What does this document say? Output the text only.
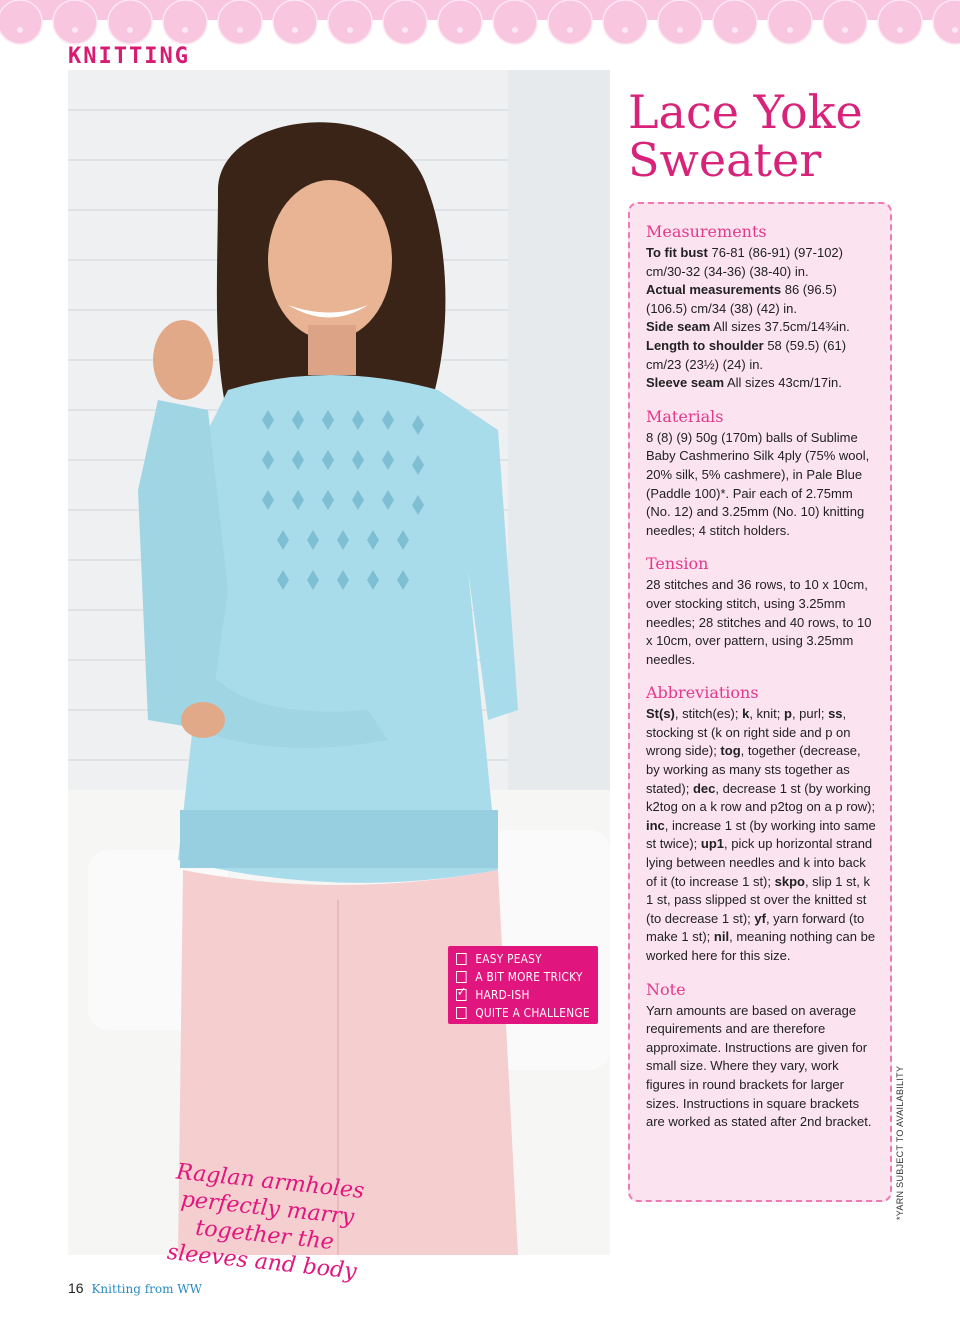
KNITTING
Raglan armholes perfectly marry together the sleeves and body
EASY PEASY
A BIT MORE TRICKY
✓
HARD-ISH
QUITE A CHALLENGE
Lace Yoke
Sweater
Measurements

To fit bust 76-81 (86-91) (97-102) cm/30-32 (34-36) (38-40) in.
Actual measurements 86 (96.5) (106.5) cm/34 (38) (42) in.
Side seam All sizes 37.5cm/14¾in.
Length to shoulder 58 (59.5) (61) cm/23 (23½) (24) in.
Sleeve seam All sizes 43cm/17in.

Materials

8 (8) (9) 50g (170m) balls of Sublime Baby Cashmerino Silk 4ply (75% wool, 20% silk, 5% cashmere), in Pale Blue (Paddle 100)*. Pair each of 2.75mm (No. 12) and 3.25mm (No. 10) knitting needles; 4 stitch holders.

Tension

28 stitches and 36 rows, to 10 x 10cm, over stocking stitch, using 3.25mm needles; 28 stitches and 40 rows, to 10 x 10cm, over pattern, using 3.25mm needles.

Abbreviations

St(s), stitch(es); k, knit; p, purl; ss, stocking st (k on right side and p on wrong side); tog, together (decrease, by working as many sts together as stated); dec, decrease 1 st (by working k2tog on a k row and p2tog on a p row); inc, increase 1 st (by working into same st twice); up1, pick up horizontal strand lying between needles and k into back of it (to increase 1 st); skpo, slip 1 st, k 1 st, pass slipped st over the knitted st (to decrease 1 st); yf, yarn forward (to make 1 st); nil, meaning nothing can be worked here for this size.

Note

Yarn amounts are based on average requirements and are therefore approximate. Instructions are given for small size. Where they vary, work figures in round brackets for larger sizes. Instructions in square brackets are worked as stated after 2nd bracket.	*YARN SUBJECT TO AVAILABILITY
16 Knitting from WW
